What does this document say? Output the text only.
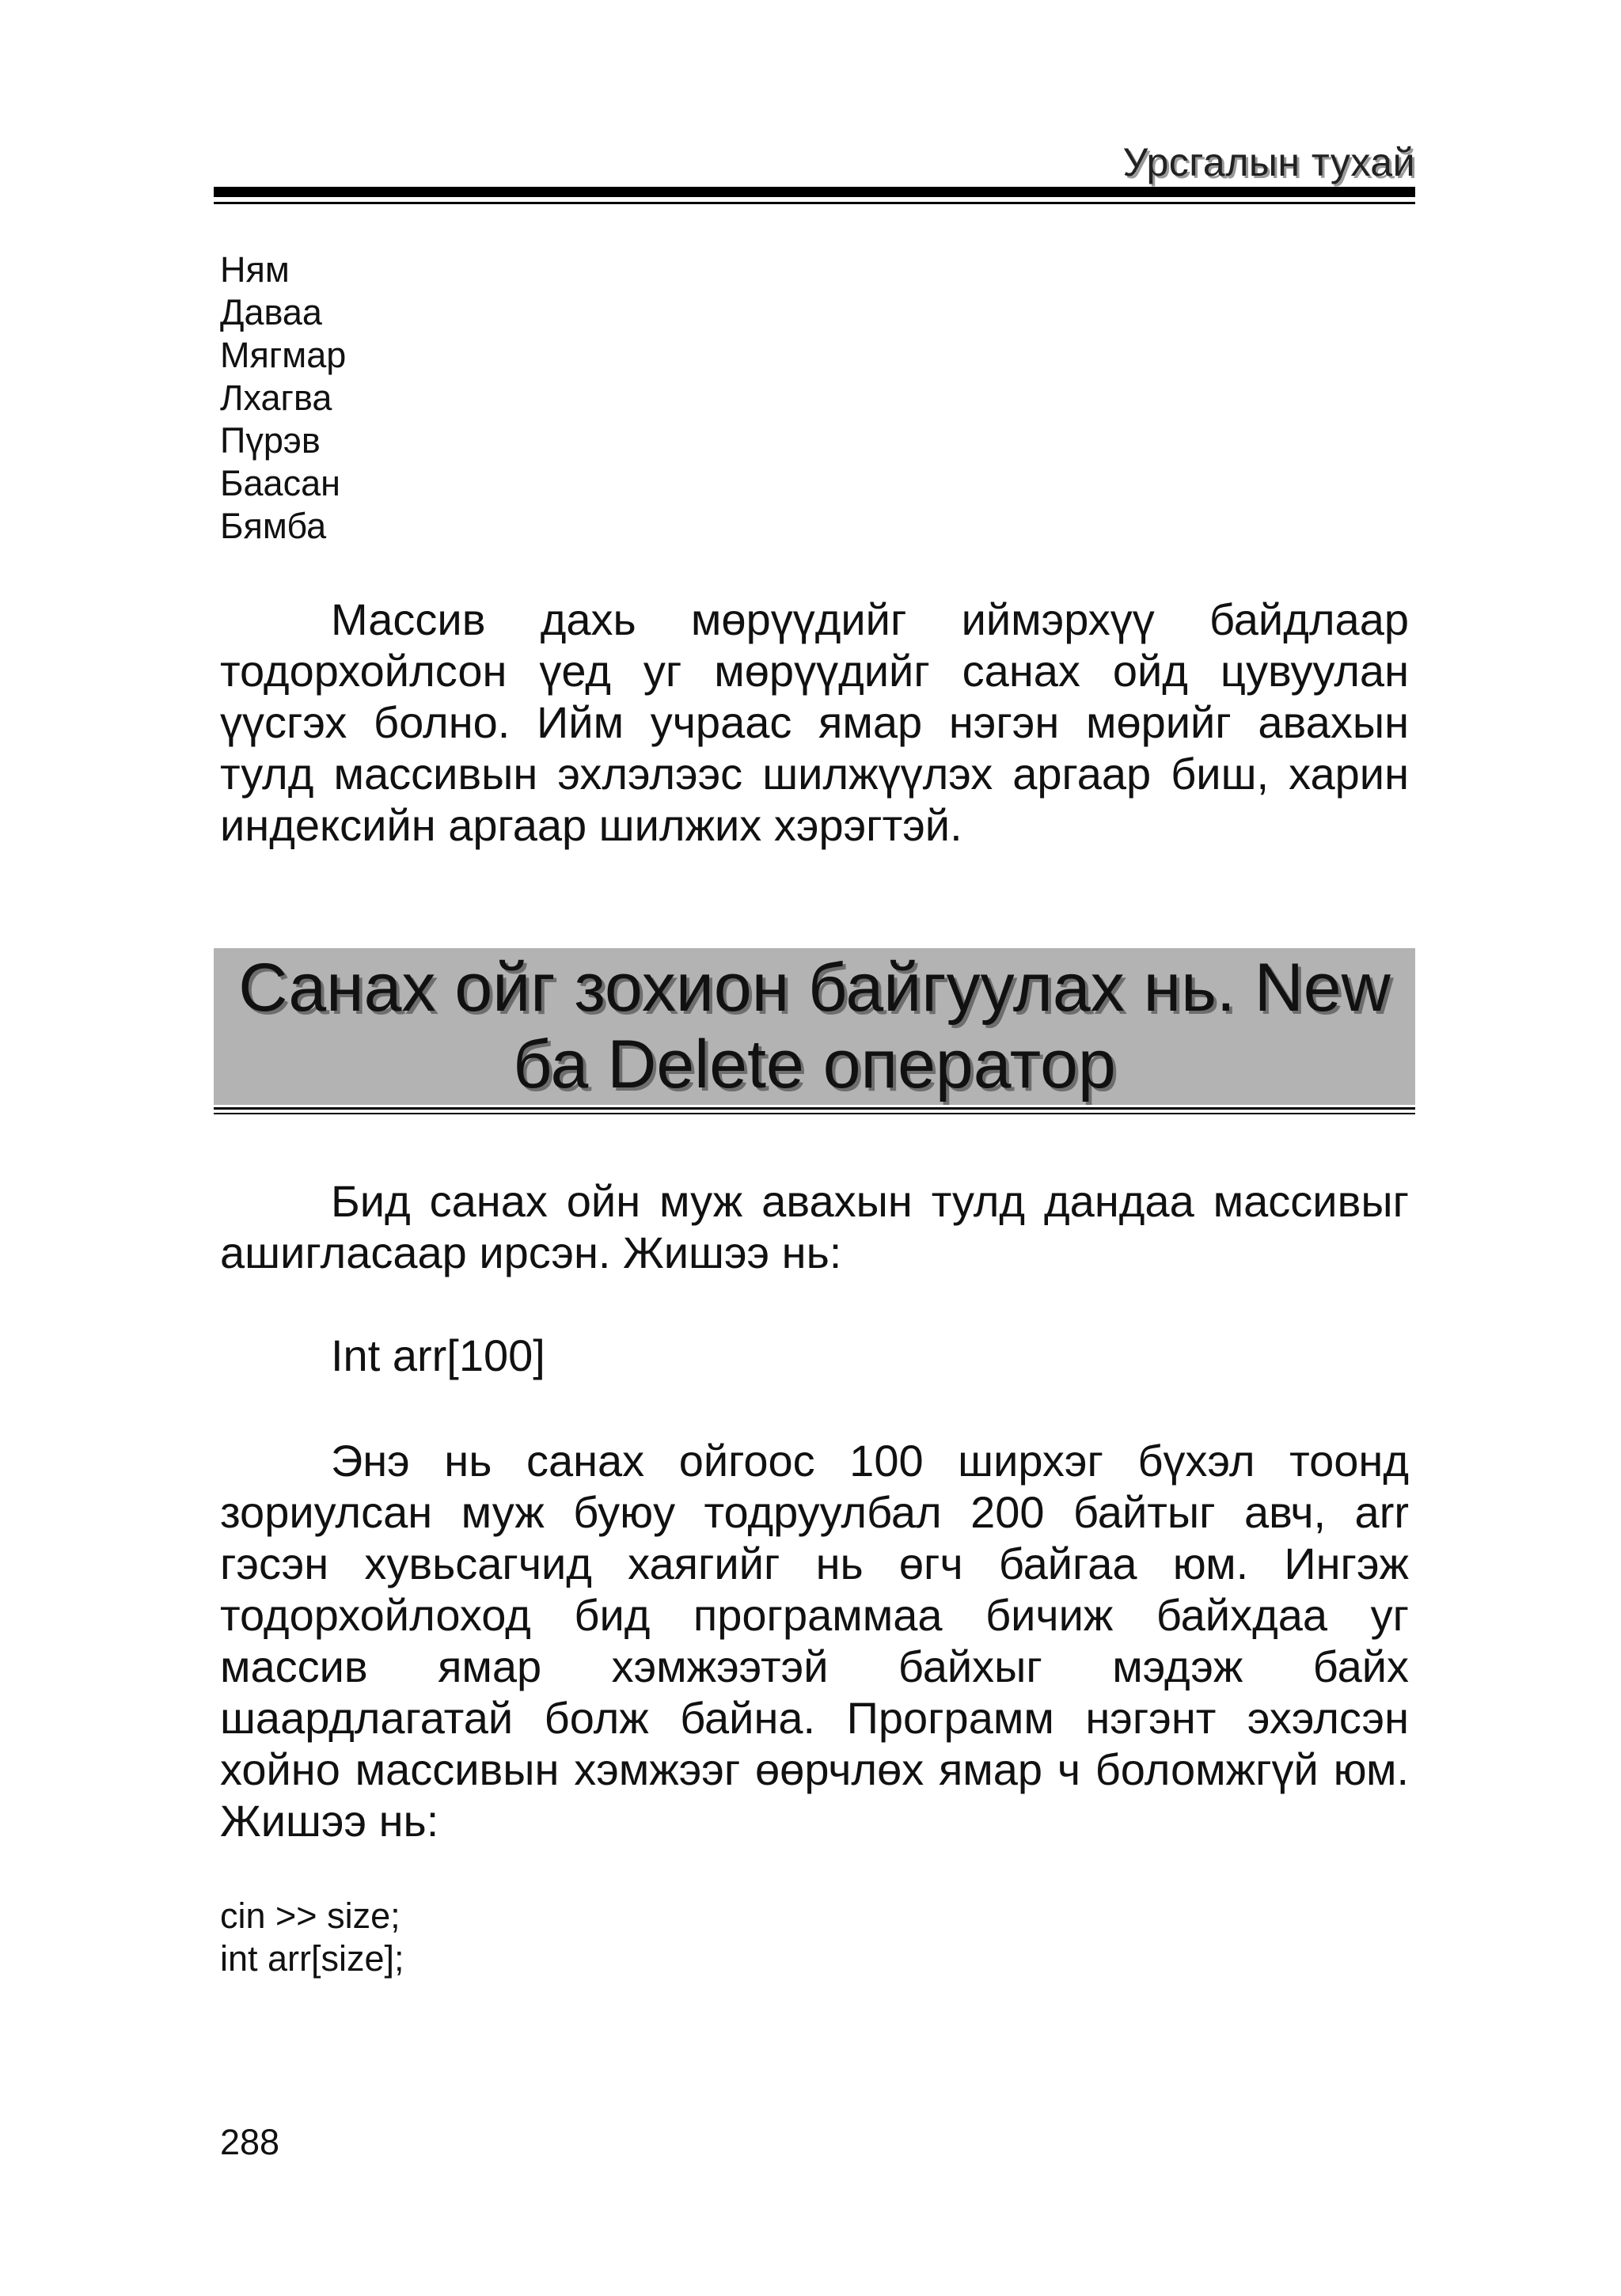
Урсгалын тухай
Ням
Даваа
Мягмар
Лхагва
Пүрэв
Баасан
Бямба

Массив дахь мөрүүдийг иймэрхүү байдлаар тодорхойлсон үед уг мөрүүдийг санах ойд цувуулан үүсгэх болно. Ийм учраас ямар нэгэн мөрийг авахын тулд массивын эхлэлээс шилжүүлэх аргаар биш, харин индексийн аргаар шилжих хэрэгтэй.

Санах ойг зохион байгуулах нь. New
ба Delete оператор

Бид санах ойн муж авахын тулд дандаа массивыг ашигласаар ирсэн. Жишээ нь:

Int arr[100]

Энэ нь санах ойгоос 100 ширхэг бүхэл тоонд зориулсан муж буюу тодруулбал 200 байтыг авч, arr гэсэн хувьсагчид хаягийг нь өгч байгаа юм. Ингэж тодорхойлоход бид программаа бичиж байхдаа уг массив ямар хэмжээтэй байхыг мэдэж байх шаардлагатай болж байна. Программ нэгэнт эхэлсэн хойно массивын хэмжээг өөрчлөх ямар ч боломжгүй юм. Жишээ нь:

cin >> size;
int arr[size];
288
